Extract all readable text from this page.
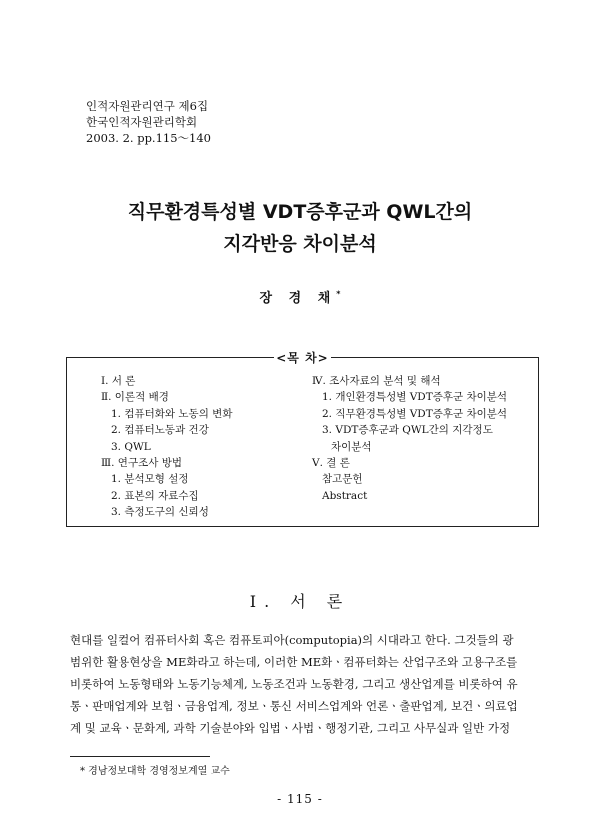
인적자원관리연구 제6집
한국인적자원관리학회
2003. 2. pp.115～140
직무환경특성별 VDT증후군과 QWL간의
지각반응 차이분석
장 경 채*
<목 차>
Ⅰ. 서 론
Ⅱ. 이론적 배경
1. 컴퓨터화와 노동의 변화
2. 컴퓨터노동과 건강
3. QWL
Ⅲ. 연구조사 방법
1. 분석모형 설정
2. 표본의 자료수집
3. 측정도구의 신뢰성
Ⅳ. 조사자료의 분석 및 해석
1. 개인환경특성별 VDT증후군 차이분석
2. 직무환경특성별 VDT증후군 차이분석
3. VDT증후군과 QWL간의 지각정도
차이분석
Ⅴ. 결 론
참고문헌
Abstract
Ⅰ. 서 론
현대를 일컬어 컴퓨터사회 혹은 컴퓨토피아(computopia)의 시대라고 한다. 그것들의 광
범위한 활용현상을 ME화라고 하는데, 이러한 ME화ㆍ컴퓨터화는 산업구조와 고용구조를
비롯하여 노동형태와 노동기능체계, 노동조건과 노동환경, 그리고 생산업계를 비롯하여 유
통ㆍ판매업계와 보험ㆍ금융업계, 정보ㆍ통신 서비스업계와 언론ㆍ출판업계, 보건ㆍ의료업
계 및 교육ㆍ문화계, 과학 기술분야와 입법ㆍ사법ㆍ행정기관, 그리고 사무실과 일반 가정
* 경남정보대학 경영정보계열 교수
- 115 -
